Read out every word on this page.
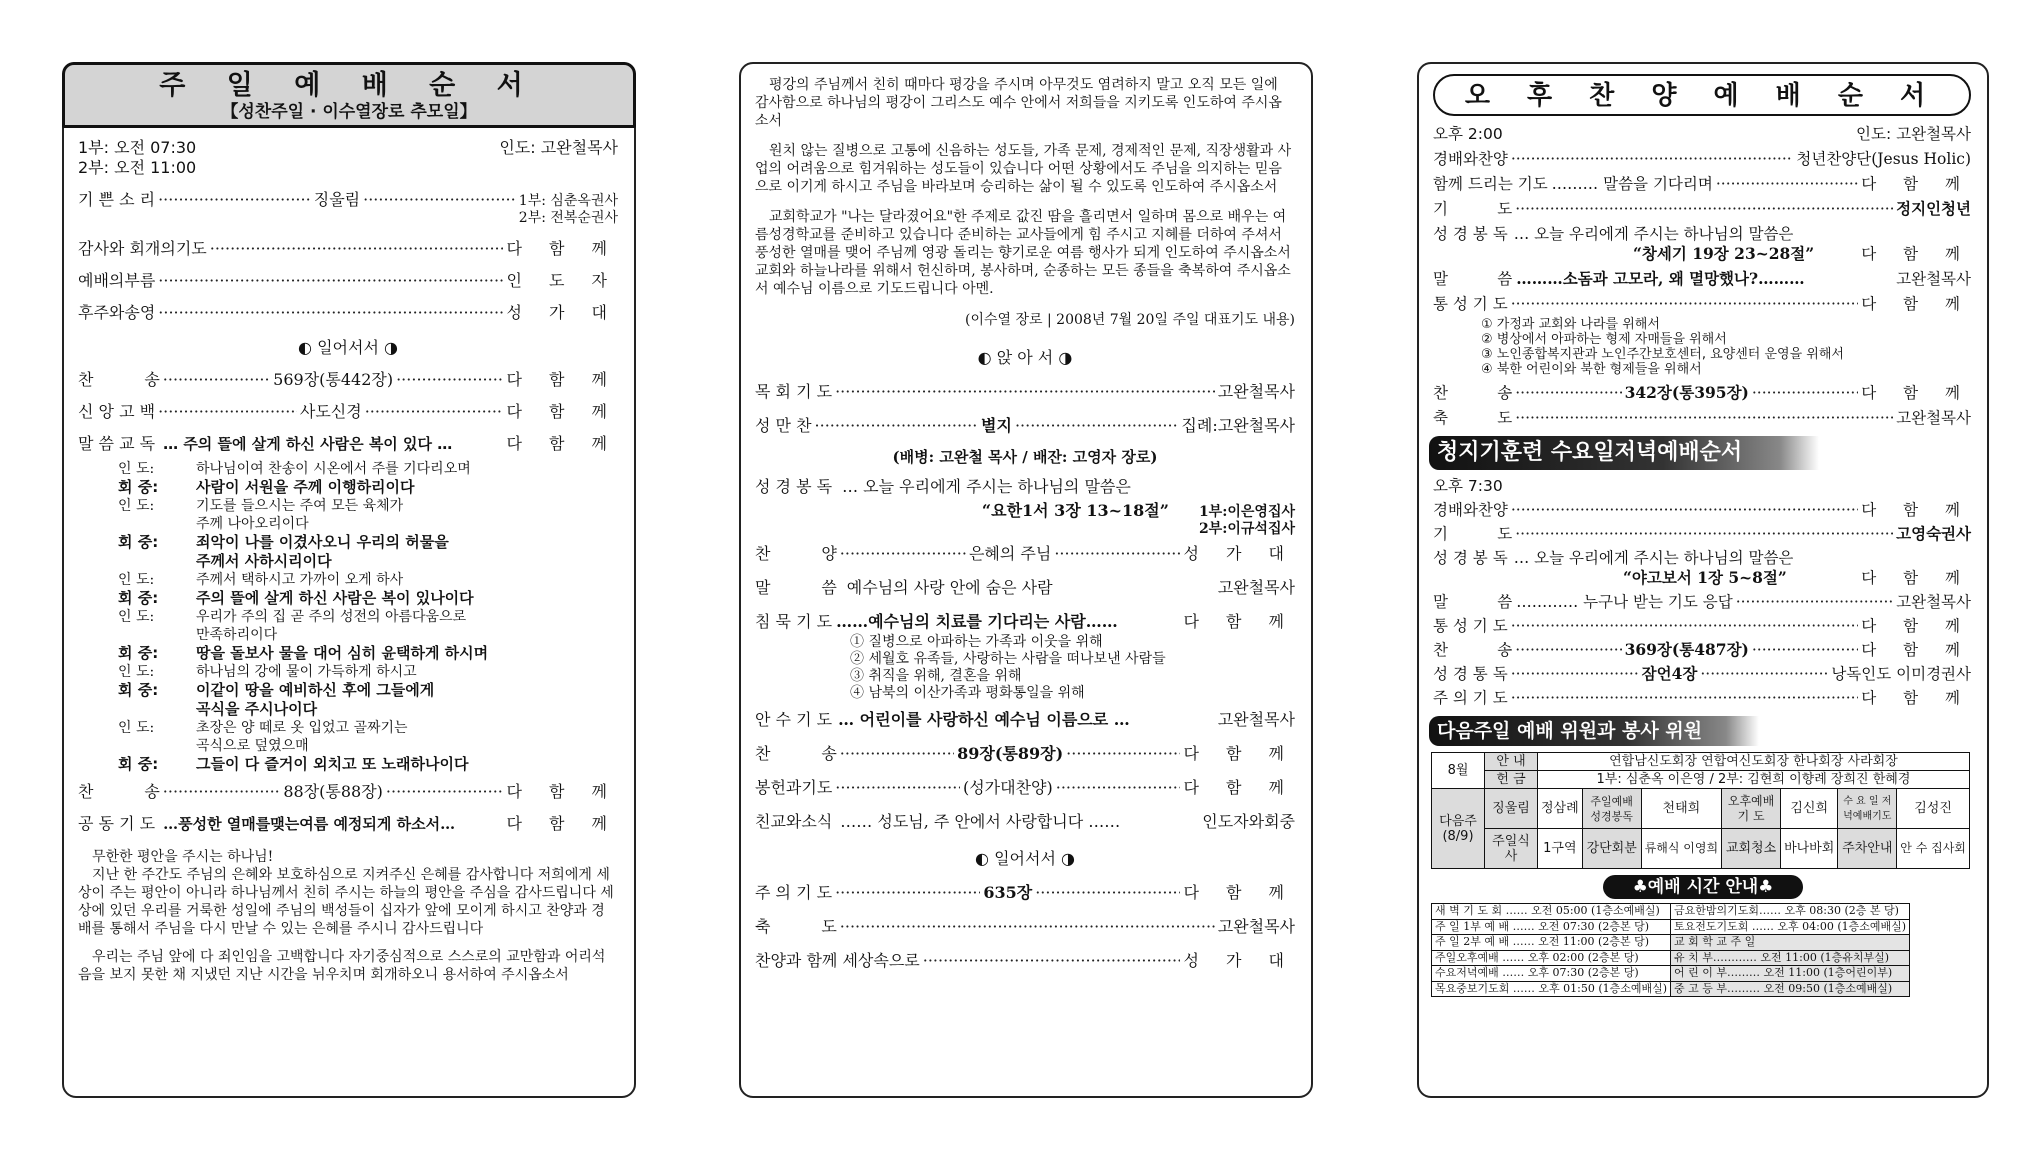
주 일 예 배 순 서
【성찬주일 · 이수열장로 추모일】
1부: 오전 07:30	인도: 고완철목사
2부: 오전 11:00
기 쁜 소 리 ·····	징울림 ·····	1부: 심춘옥권사
2부: 전복순권사
감사와 회개의기도 ·····	다 함 께
예배의부름 ·····	인 도 자
후주와송영 ·····	성 가 대
◐ 일어서서 ◑
찬          송 ·····	569장(통442장) ·····	다 함 께
신 앙 고 백 ·····	사도신경 ·····	다 함 께
말 씀 교 독 … 주의 뜰에 살게 하신 사람은 복이 있다 …	다 함 께
인 도:	하나님이여 찬송이 시온에서 주를 기다리오며
회 중:	사람이 서원을 주께 이행하리이다
인 도:	기도를 들으시는 주여 모든 육체가
주께 나아오리이다
회 중:	죄악이 나를 이겼사오니 우리의 허물을
주께서 사하시리이다
인 도:	주께서 택하시고 가까이 오게 하사
회 중:	주의 뜰에 살게 하신 사람은 복이 있나이다
인 도:	우리가 주의 집 곧 주의 성전의 아름다움으로
만족하리이다
회 중:	땅을 돌보사 물을 대어 심히 윤택하게 하시며
인 도:	하나님의 강에 물이 가득하게 하시고
회 중:	이같이 땅을 예비하신 후에 그들에게
곡식을 주시나이다
인 도:	초장은 양 떼로 옷 입었고 골짜기는
곡식으로 덮였으매
회 중:	그들이 다 즐거이 외치고 또 노래하나이다
찬          송 ·····	88장(통88장) ·····	다 함 께
공 동 기 도 …풍성한 열매를맺는여름 예정되게 하소서…	다 함 께

무한한 평안을 주시는 하나님!

지난 한 주간도 주님의 은혜와 보호하심으로 지켜주신 은혜를 감사합니다 저희에게 세상이 주는 평안이 아니라 하나님께서 친히 주시는 하늘의 평안을 주심을 감사드립니다 세상에 있던 우리를 거룩한 성일에 주님의 백성들이 십자가 앞에 모이게 하시고 찬양과 경배를 통해서 주님을 다시 만날 수 있는 은혜를 주시니 감사드립니다

우리는 주님 앞에 다 죄인임을 고백합니다 자기중심적으로 스스로의 교만함과 어리석음을 보지 못한 채 지냈던 지난 시간을 뉘우치며 회개하오니 용서하여 주시옵소서

평강의 주님께서 친히 때마다 평강을 주시며 아무것도 염려하지 말고 오직 모든 일에 감사함으로 하나님의 평강이 그리스도 예수 안에서 저희들을 지키도록 인도하여 주시옵소서

원치 않는 질병으로 고통에 신음하는 성도들, 가족 문제, 경제적인 문제, 직장생활과 사업의 어려움으로 힘겨워하는 성도들이 있습니다 어떤 상황에서도 주님을 의지하는 믿음으로 이기게 하시고 주님을 바라보며 승리하는 삶이 될 수 있도록 인도하여 주시옵소서

교회학교가 "나는 달라졌어요"한 주제로 값진 땀을 흘리면서 일하며 몸으로 배우는 여름성경학교를 준비하고 있습니다 준비하는 교사들에게 힘 주시고 지혜를 더하여 주셔서 풍성한 열매를 맺어 주님께 영광 돌리는 향기로운 여름 행사가 되게 인도하여 주시옵소서 교회와 하늘나라를 위해서 헌신하며, 봉사하며, 순종하는 모든 종들을 축복하여 주시옵소서 예수님 이름으로 기도드립니다 아멘.

(이수열 장로 | 2008년 7월 20일 주일 대표기도 내용)
◐ 앉 아 서 ◑
목 회 기 도 ·····	고완철목사
성 만 찬 ·····	별지 ·····	집례:고완철목사
(배병: 고완철 목사 / 배잔: 고영자 장로)
성 경 봉 독 … 오늘 우리에게 주시는 하나님의 말씀은
“요한1서 3장 13~18절” 1부:이은영집사
2부:이규석집사
찬          양 ·····	은혜의 주님 ·····	성 가 대
말          씀 예수님의 사랑 안에 숨은 사람	고완철목사
침 묵 기 도 ……예수님의 치료를 기다리는 사람……	다 함 께
① 질병으로 아파하는 가족과 이웃을 위해
② 세월호 유족들, 사랑하는 사람을 떠나보낸 사람들
③ 취직을 위해, 결혼을 위해
④ 남북의 이산가족과 평화통일을 위해
안 수 기 도 … 어린이를 사랑하신 예수님 이름으로 …	고완철목사
찬          송 ·····	89장(통89장) ·····	다 함 께
봉헌과기도 ·····	(성가대찬양) ·····	다 함 께
친교와소식 …… 성도님, 주 안에서 사랑합니다 ……	인도자와회중
◐ 일어서서 ◑
주 의 기 도 ·····	635장 ·····	다 함 께
축          도 ·····	고완철목사
찬양과 함께 세상속으로 ·····	성 가 대
오 후 찬 양 예 배 순 서
오후 2:00	인도: 고완철목사
경배와찬양 ·····	청년찬양단(Jesus Holic)
함께 드리는 기도 ……… 말씀을 기다리며 ·····	다 함 께
기          도 ·····	정지인청년
성 경 봉 독 … 오늘 우리에게 주시는 하나님의 말씀은
“창세기 19장 23~28절”	다 함 께
말          씀 ………소돔과 고모라, 왜 멸망했나?………	고완철목사
통 성 기 도 ·····	다 함 께
① 가정과 교회와 나라를 위해서
② 병상에서 아파하는 형제 자매들을 위해서
③ 노인종합복지관과 노인주간보호센터, 요양센터 운영을 위해서
④ 북한 어린이와 북한 형제들을 위해서
찬          송 ·····	342장(통395장) ·····	다 함 께
축          도 ·····	고완철목사
청지기훈련 수요일저녁예배순서
오후 7:30
경배와찬양 ·····	다 함 께
기          도 ·····	고영숙권사
성 경 봉 독 … 오늘 우리에게 주시는 하나님의 말씀은
“야고보서 1장 5~8절”	다 함 께
말          씀 ………… 누구나 받는 기도 응답 ·····	고완철목사
통 성 기 도 ·····	다 함 께
찬          송 ·····	369장(통487장) ·····	다 함 께
성 경 통 독 ·····	잠언4장 ·····	낭독인도 이미경권사
주 의 기 도 ·····	다 함 께
다음주일 예배 위원과 봉사 위원
8월	안 내	연합남신도회장 연합여신도회장 한나회장 사라회장						
	헌 금	1부: 심춘옥 이은영 / 2부: 김현희 이향례 장희진 한혜경						
다음주
(8/9)	징울림	정삼례	주일예배 성경봉독	천태희	오후예배 기 도	김신희	수 요 일 저녁예배기도	김성진
	주일식사	1구역	강단회분	류해식 이영희	교회청소	바나바회	주차안내	안 수 집사회
♣예배 시간 안내♣
새 벽 기 도 회 …… 오전 05:00 (1층소예배실)	금요한밤의기도회…… 오후 08:30 (2층 본 당)
주 일 1부 예 배 …… 오전 07:30 (2층본 당)	토요전도기도회 …… 오후 04:00 (1층소예배실)
주 일 2부 예 배 …… 오전 11:00 (2층본 당)	교 회 학 교 주 일
주일오후예배 …… 오후 02:00 (2층본 당)	유 치 부………… 오전 11:00 (1층유치부실)
수요저녁예배 …… 오후 07:30 (2층본 당)	어 린 이 부……… 오전 11:00 (1층어린이부)
목요중보기도회 …… 오후 01:50 (1층소예배실)	중 고 등 부……… 오전 09:50 (1층소예배실)
